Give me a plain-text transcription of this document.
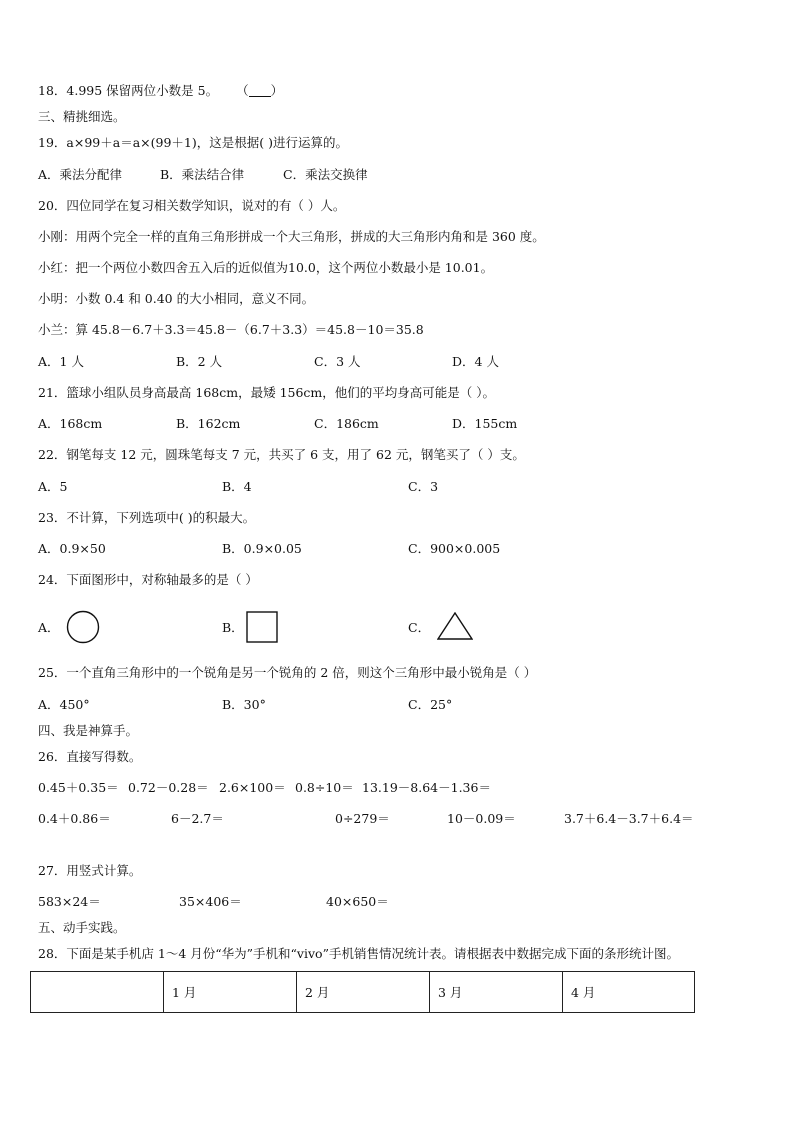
18．4.995 保留两位小数是 5。 （ ）
三、精挑细选。
19．a×99＋a＝a×(99＋1)，这是根据( )进行运算的。
A．乘法分配律	B．乘法结合律	C．乘法交换律
20．四位同学在复习相关数学知识，说对的有（ ）人。
小刚：用两个完全一样的直角三角形拼成一个大三角形，拼成的大三角形内角和是 360 度。
小红：把一个两位小数四舍五入后的近似值为10.0，这个两位小数最小是 10.01。
小明：小数 0.4 和 0.40 的大小相同，意义不同。
小兰：算 45.8－6.7＋3.3＝45.8－（6.7＋3.3）＝45.8－10＝35.8
A．1 人	B．2 人	C．3 人	D．4 人
21．篮球小组队员身高最高 168cm，最矮 156cm，他们的平均身高可能是（ ）。
A．168cm	B．162cm	C．186cm	D．155cm
22．钢笔每支 12 元，圆珠笔每支 7 元，共买了 6 支，用了 62 元，钢笔买了（ ）支。
A．5	B．4	C．3
23．不计算，下列选项中( )的积最大。
A．0.9×50	B．0.9×0.05	C．900×0.005
24．下面图形中，对称轴最多的是（ ）
A．	B．	C．
25．一个直角三角形中的一个锐角是另一个锐角的 2 倍，则这个三角形中最小锐角是（ ）
A．450°	B．30°	C．25°
四、我是神算手。
26．直接写得数。
0.45＋0.35＝ 0.72－0.28＝ 2.6×100＝ 0.8÷10＝ 13.19－8.64－1.36＝
0.4＋0.86＝	6－2.7＝	0÷279＝	10－0.09＝	3.7＋6.4－3.7＋6.4＝
27．用竖式计算。
583×24＝	35×406＝	40×650＝
五、动手实践。
28．下面是某手机店 1～4 月份“华为”手机和“vivo”手机销售情况统计表。请根据表中数据完成下面的条形统计图。
	1 月	2 月	3 月	4 月
